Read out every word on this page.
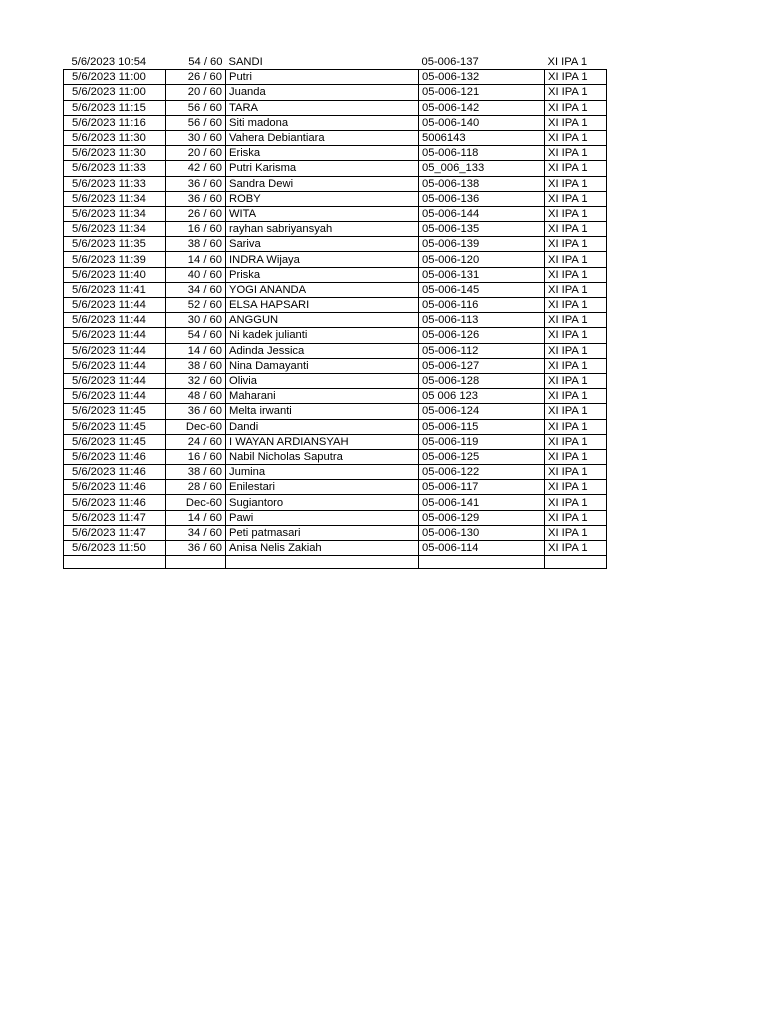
5/6/2023 10:54	54 / 60	SANDI	05-006-137	XI IPA 1
5/6/2023 11:00	26 / 60	Putri	05-006-132	XI IPA 1
5/6/2023 11:00	20 / 60	Juanda	05-006-121	XI IPA 1
5/6/2023 11:15	56 / 60	TARA	05-006-142	XI IPA 1
5/6/2023 11:16	56 / 60	Siti madona	05-006-140	XI IPA 1
5/6/2023 11:30	30 / 60	Vahera Debiantiara	5006143	XI IPA 1
5/6/2023 11:30	20 / 60	Eriska	05-006-118	XI IPA 1
5/6/2023 11:33	42 / 60	Putri Karisma	05_006_133	XI IPA 1
5/6/2023 11:33	36 / 60	Sandra Dewi	05-006-138	XI IPA 1
5/6/2023 11:34	36 / 60	ROBY	05-006-136	XI IPA 1
5/6/2023 11:34	26 / 60	WITA	05-006-144	XI IPA 1
5/6/2023 11:34	16 / 60	rayhan sabriyansyah	05-006-135	XI IPA 1
5/6/2023 11:35	38 / 60	Sariva	05-006-139	XI IPA 1
5/6/2023 11:39	14 / 60	INDRA Wijaya	05-006-120	XI IPA 1
5/6/2023 11:40	40 / 60	Priska	05-006-131	XI IPA 1
5/6/2023 11:41	34 / 60	YOGI ANANDA	05-006-145	XI IPA 1
5/6/2023 11:44	52 / 60	ELSA HAPSARI	05-006-116	XI IPA 1
5/6/2023 11:44	30 / 60	ANGGUN	05-006-113	XI IPA 1
5/6/2023 11:44	54 / 60	Ni kadek julianti	05-006-126	XI IPA 1
5/6/2023 11:44	14 / 60	Adinda Jessica	05-006-112	XI IPA 1
5/6/2023 11:44	38 / 60	Nina Damayanti	05-006-127	XI IPA 1
5/6/2023 11:44	32 / 60	Olivia	05-006-128	XI IPA 1
5/6/2023 11:44	48 / 60	Maharani	05 006 123	XI IPA 1
5/6/2023 11:45	36 / 60	Melta irwanti	05-006-124	XI IPA 1
5/6/2023 11:45	Dec-60	Dandi	05-006-115	XI IPA 1
5/6/2023 11:45	24 / 60	I WAYAN ARDIANSYAH	05-006-119	XI IPA 1
5/6/2023 11:46	16 / 60	Nabil Nicholas Saputra	05-006-125	XI IPA 1
5/6/2023 11:46	38 / 60	Jumina	05-006-122	XI IPA 1
5/6/2023 11:46	28 / 60	Enilestari	05-006-117	XI IPA 1
5/6/2023 11:46	Dec-60	Sugiantoro	05-006-141	XI IPA 1
5/6/2023 11:47	14 / 60	Pawi	05-006-129	XI IPA 1
5/6/2023 11:47	34 / 60	Peti patmasari	05-006-130	XI IPA 1
5/6/2023 11:50	36 / 60	Anisa Nelis Zakiah	05-006-114	XI IPA 1
